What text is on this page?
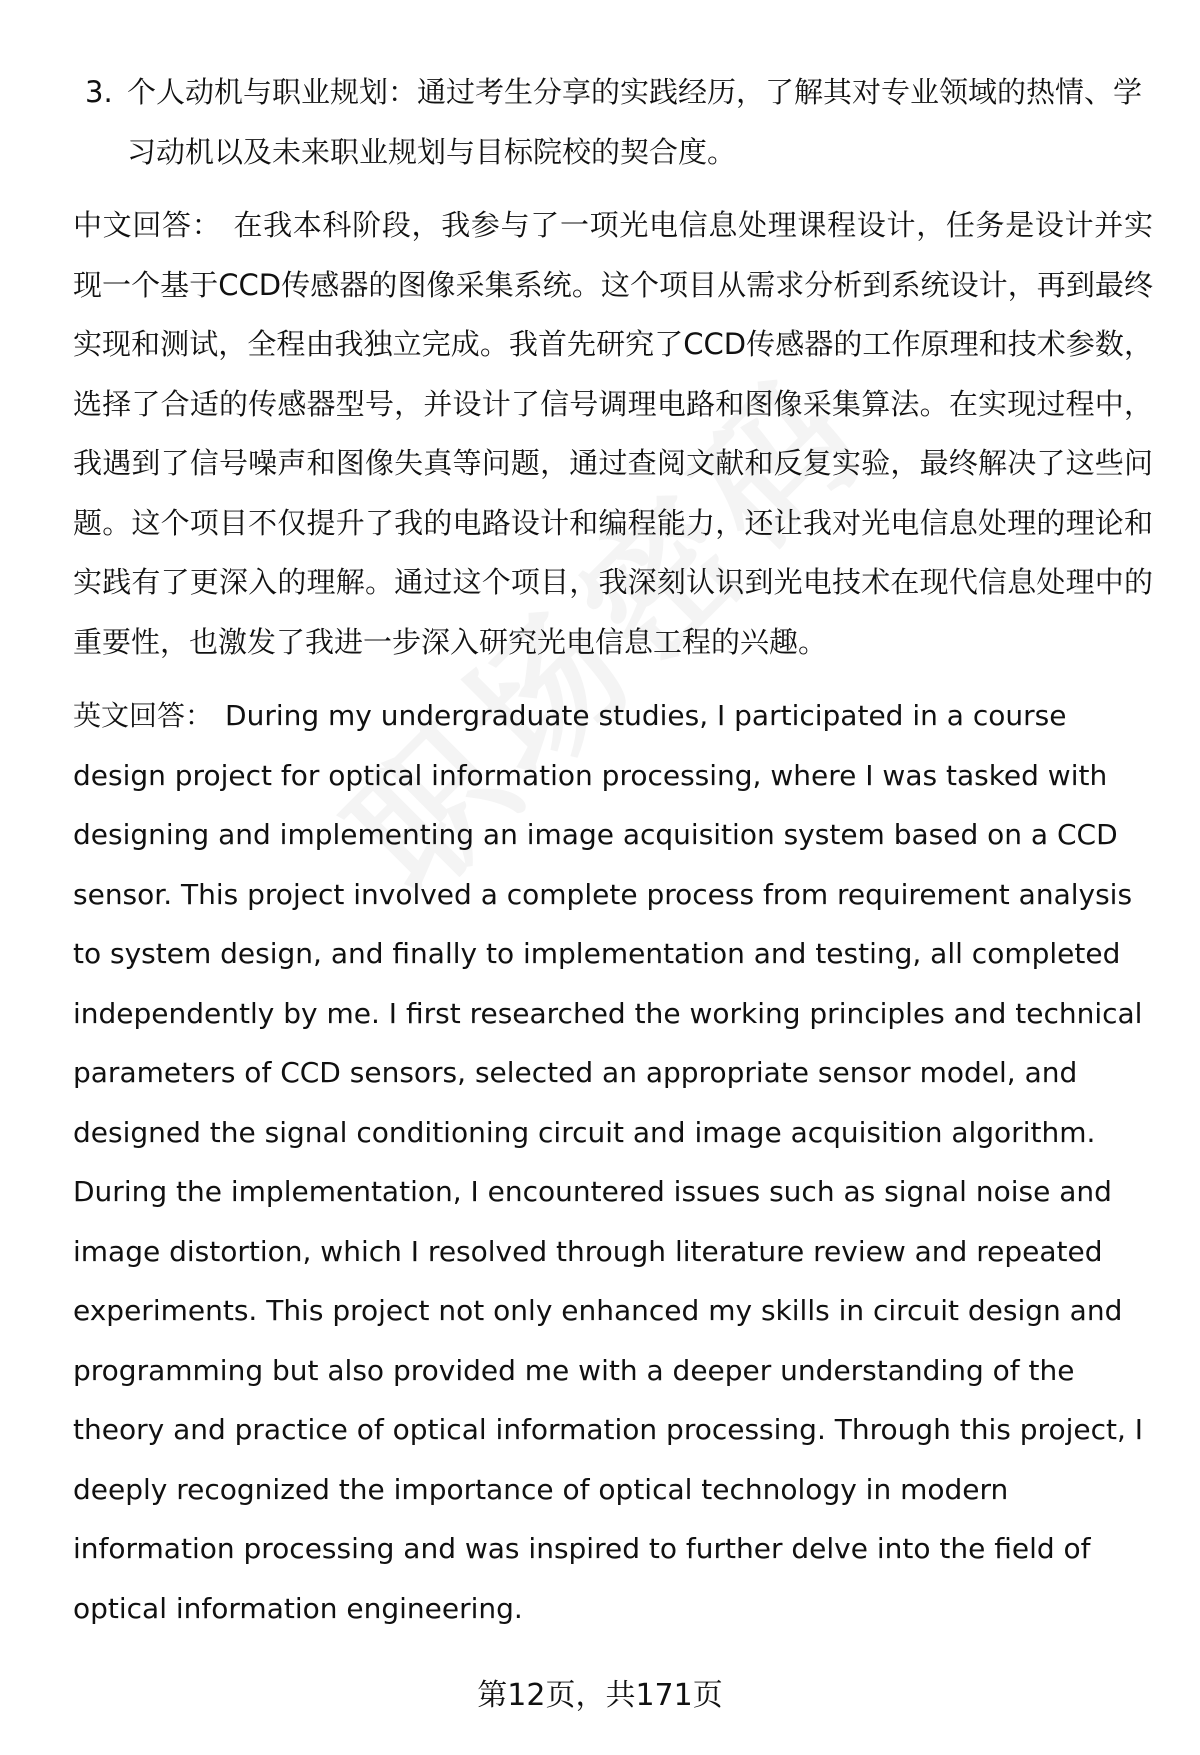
3. 个人动机与职业规划：通过考生分享的实践经历，了解其对专业领域的热情、学习动机以及未来职业规划与目标院校的契合度。

中文回答： 在我本科阶段，我参与了一项光电信息处理课程设计，任务是设计并实现一个基于CCD传感器的图像采集系统。这个项目从需求分析到系统设计，再到最终实现和测试，全程由我独立完成。我首先研究了CCD传感器的工作原理和技术参数，选择了合适的传感器型号，并设计了信号调理电路和图像采集算法。在实现过程中，我遇到了信号噪声和图像失真等问题，通过查阅文献和反复实验，最终解决了这些问题。这个项目不仅提升了我的电路设计和编程能力，还让我对光电信息处理的理论和实践有了更深入的理解。通过这个项目，我深刻认识到光电技术在现代信息处理中的重要性，也激发了我进一步深入研究光电信息工程的兴趣。

英文回答： During my undergraduate studies, I participated in a course design project for optical information processing, where I was tasked with designing and implementing an image acquisition system based on a CCD sensor. This project involved a complete process from requirement analysis to system design, and finally to implementation and testing, all completed independently by me. I first researched the working principles and technical parameters of CCD sensors, selected an appropriate sensor model, and designed the signal conditioning circuit and image acquisition algorithm. During the implementation, I encountered issues such as signal noise and image distortion, which I resolved through literature review and repeated experiments. This project not only enhanced my skills in circuit design and programming but also provided me with a deeper understanding of the theory and practice of optical information processing. Through this project, I deeply recognized the importance of optical technology in modern information processing and was inspired to further delve into the field of optical information engineering.

第12页，共171页
